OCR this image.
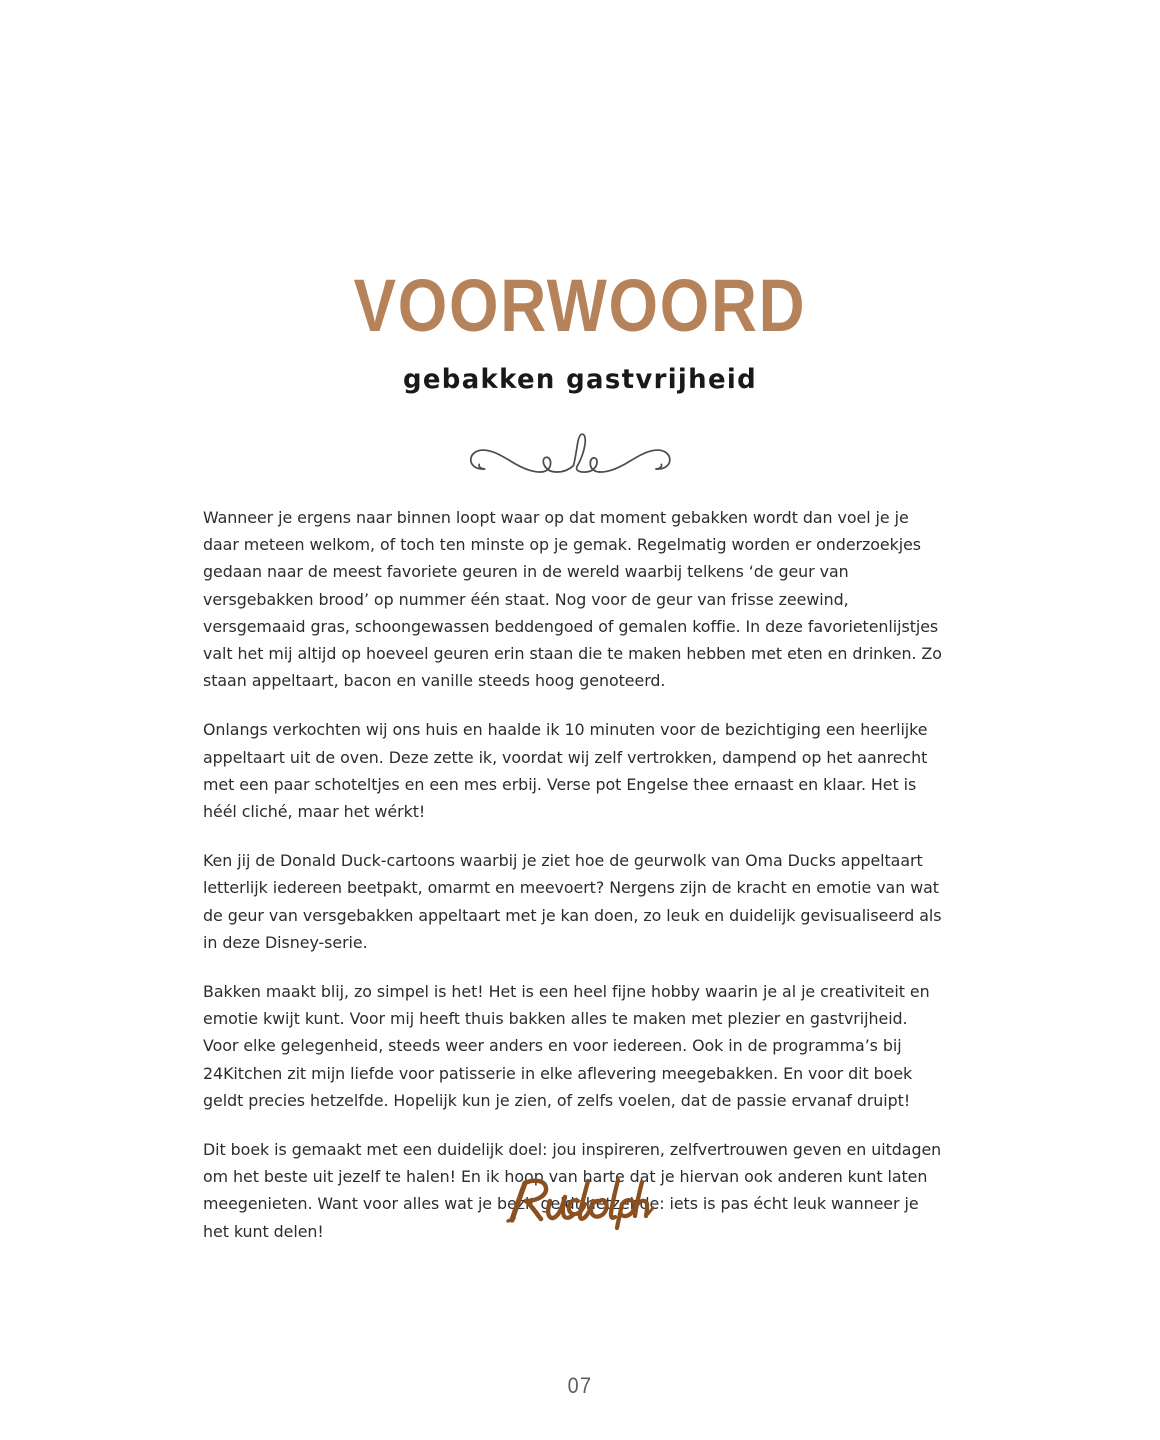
VOORWOORD
gebakken gastvrijheid

Wanneer je ergens naar binnen loopt waar op dat moment gebakken wordt dan voel je je daar meteen welkom, of toch ten minste op je gemak. Regelmatig worden er onderzoekjes gedaan naar de meest favoriete geuren in de wereld waarbij telkens ‘de geur van versgebakken brood’ op nummer één staat. Nog voor de geur van frisse zeewind, versgemaaid gras, schoongewassen beddengoed of gemalen koffie. In deze favorietenlijstjes valt het mij altijd op hoeveel geuren erin staan die te maken hebben met eten en drinken. Zo staan appeltaart, bacon en vanille steeds hoog genoteerd.

Onlangs verkochten wij ons huis en haalde ik 10 minuten voor de bezichtiging een heerlijke appeltaart uit de oven. Deze zette ik, voordat wij zelf vertrokken, dampend op het aanrecht met een paar schoteltjes en een mes erbij. Verse pot Engelse thee ernaast en klaar. Het is héél cliché, maar het wérkt!

Ken jij de Donald Duck-cartoons waarbij je ziet hoe de geurwolk van Oma Ducks appeltaart letterlijk iedereen beetpakt, omarmt en meevoert? Nergens zijn de kracht en emotie van wat de geur van versgebakken appeltaart met je kan doen, zo leuk en duidelijk gevisualiseerd als in deze Disney-serie.

Bakken maakt blij, zo simpel is het! Het is een heel fijne hobby waarin je al je creativiteit en emotie kwijt kunt. Voor mij heeft thuis bakken alles te maken met plezier en gastvrijheid. Voor elke gelegenheid, steeds weer anders en voor iedereen. Ook in de programma’s bij 24Kitchen zit mijn liefde voor patisserie in elke aflevering meegebakken. En voor dit boek geldt precies hetzelfde. Hopelijk kun je zien, of zelfs voelen, dat de passie ervanaf druipt!

Dit boek is gemaakt met een duidelijk doel: jou inspireren, zelfvertrouwen geven en uitdagen om het beste uit jezelf te halen! En ik hoop van harte dat je hiervan ook anderen kunt laten meegenieten. Want voor alles wat je bezit geldt hetzelfde: iets is pas écht leuk wanneer je het kunt delen!

07
